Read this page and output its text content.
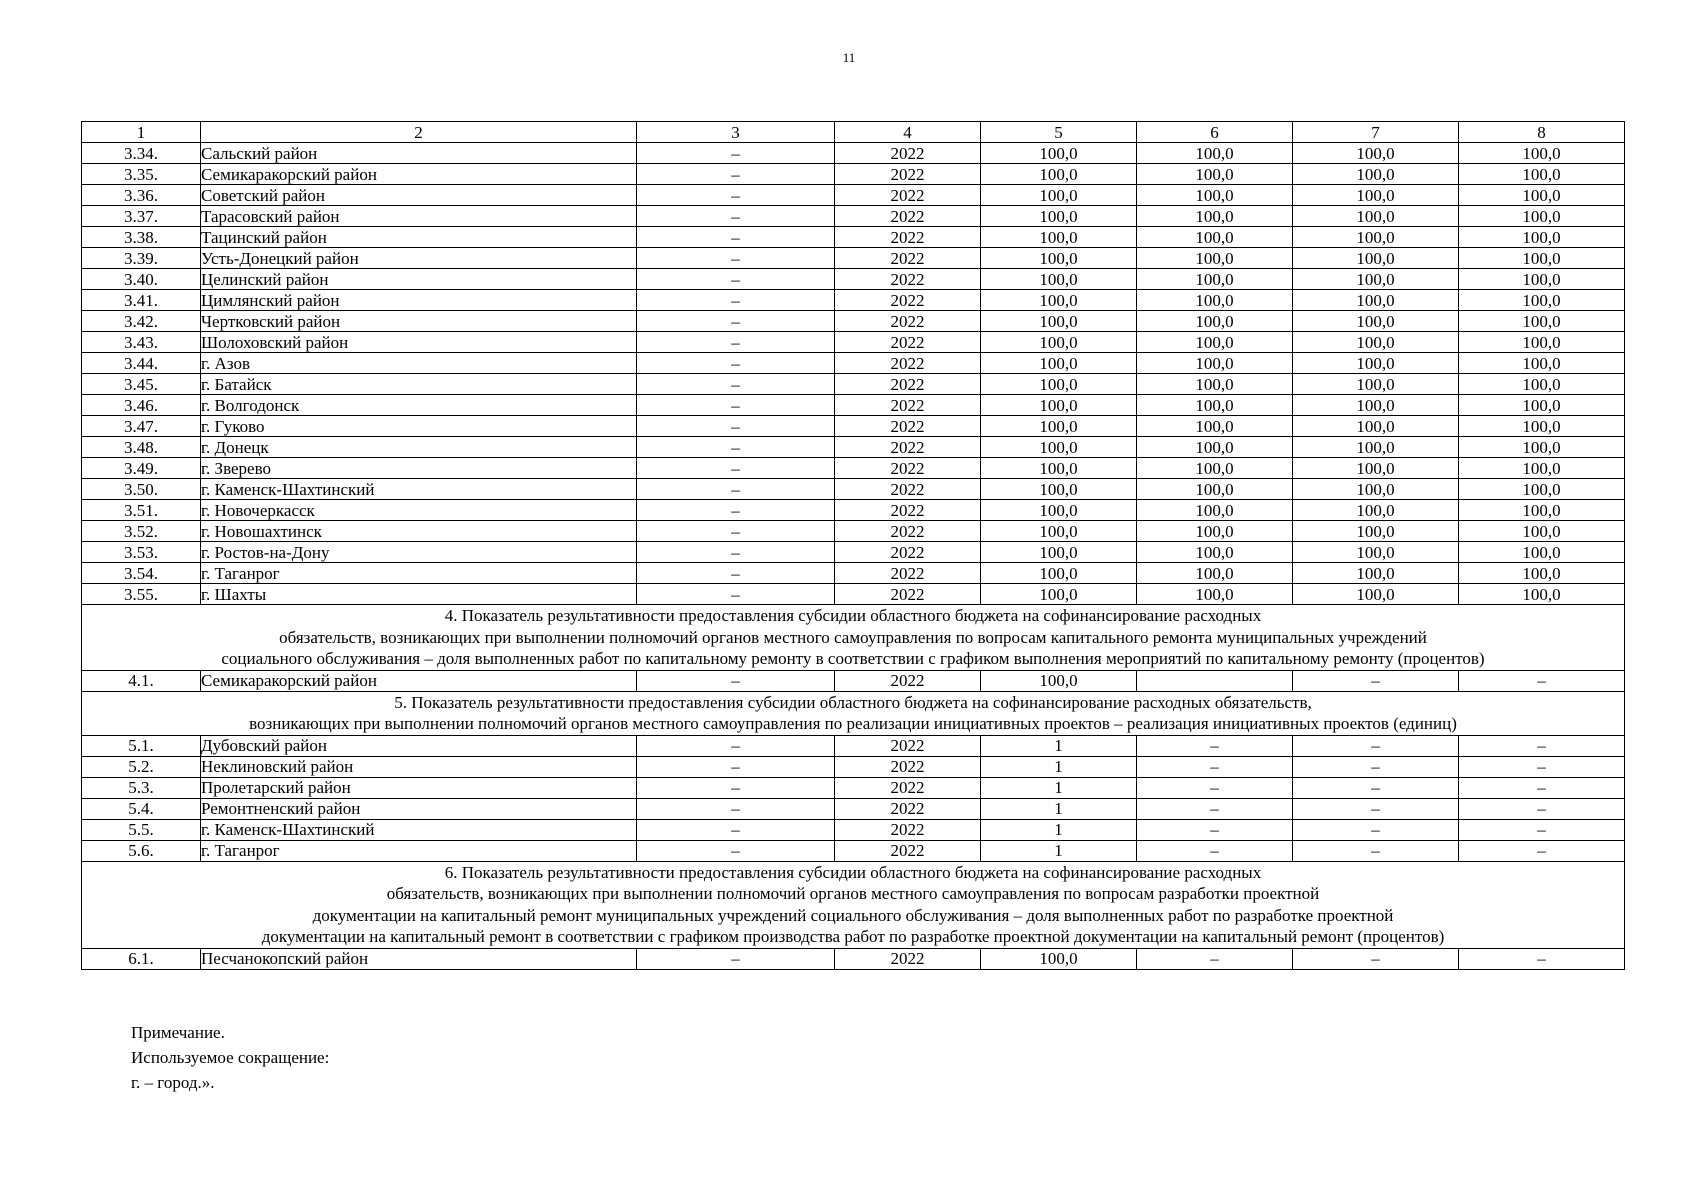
11
1	2	3	4	5	6	7	8
3.34.	Сальский район	–	2022	100,0	100,0	100,0	100,0
3.35.	Семикаракорский район	–	2022	100,0	100,0	100,0	100,0
3.36.	Советский район	–	2022	100,0	100,0	100,0	100,0
3.37.	Тарасовский район	–	2022	100,0	100,0	100,0	100,0
3.38.	Тацинский район	–	2022	100,0	100,0	100,0	100,0
3.39.	Усть-Донецкий район	–	2022	100,0	100,0	100,0	100,0
3.40.	Целинский район	–	2022	100,0	100,0	100,0	100,0
3.41.	Цимлянский район	–	2022	100,0	100,0	100,0	100,0
3.42.	Чертковский район	–	2022	100,0	100,0	100,0	100,0
3.43.	Шолоховский район	–	2022	100,0	100,0	100,0	100,0
3.44.	г. Азов	–	2022	100,0	100,0	100,0	100,0
3.45.	г. Батайск	–	2022	100,0	100,0	100,0	100,0
3.46.	г. Волгодонск	–	2022	100,0	100,0	100,0	100,0
3.47.	г. Гуково	–	2022	100,0	100,0	100,0	100,0
3.48.	г. Донецк	–	2022	100,0	100,0	100,0	100,0
3.49.	г. Зверево	–	2022	100,0	100,0	100,0	100,0
3.50.	г. Каменск-Шахтинский	–	2022	100,0	100,0	100,0	100,0
3.51.	г. Новочеркасск	–	2022	100,0	100,0	100,0	100,0
3.52.	г. Новошахтинск	–	2022	100,0	100,0	100,0	100,0
3.53.	г. Ростов-на-Дону	–	2022	100,0	100,0	100,0	100,0
3.54.	г. Таганрог	–	2022	100,0	100,0	100,0	100,0
3.55.	г. Шахты	–	2022	100,0	100,0	100,0	100,0

4. Показатель результативности предоставления субсидии областного бюджета на софинансирование расходных
обязательств, возникающих при выполнении полномочий органов местного самоуправления по вопросам капитального ремонта муниципальных учреждений
социального обслуживания – доля выполненных работ по капитальному ремонту в соответствии с графиком выполнения мероприятий по капитальному ремонту (процентов)							

4.1.	Семикаракорский район	–	2022	100,0		–	–

5. Показатель результативности предоставления субсидии областного бюджета на софинансирование расходных обязательств,
возникающих при выполнении полномочий органов местного самоуправления по реализации инициативных проектов – реализация инициативных проектов (единиц)							

5.1.	Дубовский район	–	2022	1	–	–	–
5.2.	Неклиновский район	–	2022	1	–	–	–
5.3.	Пролетарский район	–	2022	1	–	–	–
5.4.	Ремонтненский район	–	2022	1	–	–	–
5.5.	г. Каменск-Шахтинский	–	2022	1	–	–	–
5.6.	г. Таганрог	–	2022	1	–	–	–

6. Показатель результативности предоставления субсидии областного бюджета на софинансирование расходных
обязательств, возникающих при выполнении полномочий органов местного самоуправления по вопросам разработки проектной
документации на капитальный ремонт муниципальных учреждений социального обслуживания – доля выполненных работ по разработке проектной
документации на капитальный ремонт в соответствии с графиком производства работ по разработке проектной документации на капитальный ремонт (процентов)							

6.1.	Песчанокопский район	–	2022	100,0	–	–	–
Примечание.
Используемое сокращение:
г. – город.».
